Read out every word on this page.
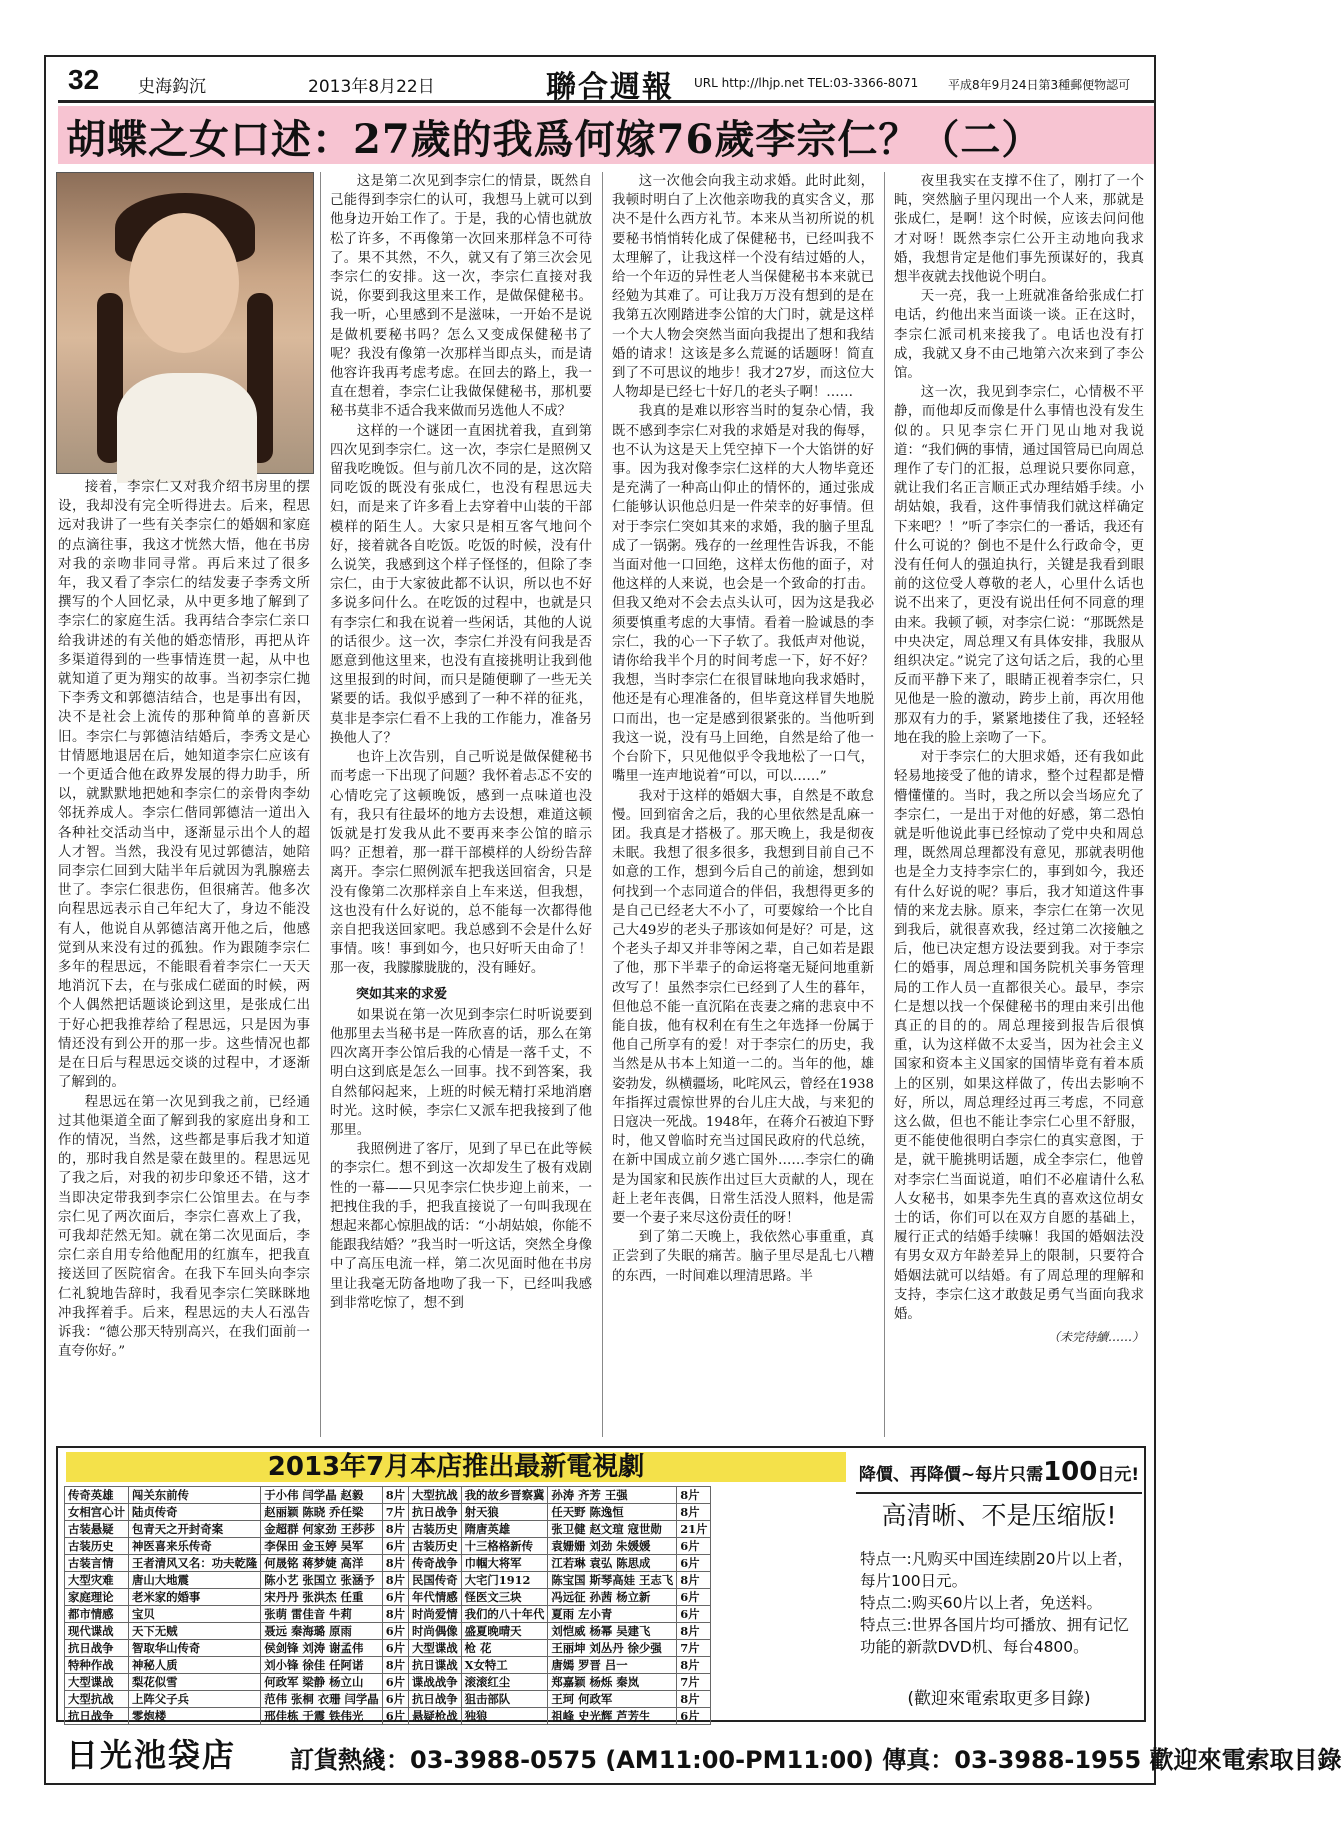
32 史海鈎沉	2013年8月22日	聯合週報 URL http://lhjp.net TEL:03-3366-8071 平成8年9月24日第3種郵便物認可
胡蝶之女口述：27歲的我爲何嫁76歲李宗仁？（二）

接着，李宗仁又对我介绍书房里的摆设，我却没有完全听得进去。后来，程思远对我讲了一些有关李宗仁的婚姻和家庭的点滴往事，我这才恍然大悟，他在书房对我的亲吻非同寻常。再后来过了很多年，我又看了李宗仁的结发妻子李秀文所撰写的个人回忆录，从中更多地了解到了李宗仁的家庭生活。我再结合李宗仁亲口给我讲述的有关他的婚恋情形，再把从许多渠道得到的一些事情连贯一起，从中也就知道了更为翔实的故事。当初李宗仁抛下李秀文和郭德洁结合，也是事出有因，决不是社会上流传的那种简单的喜新厌旧。李宗仁与郭德洁结婚后，李秀文是心甘情愿地退居在后，她知道李宗仁应该有一个更适合他在政界发展的得力助手，所以，就默默地把她和李宗仁的亲骨肉李幼邻抚养成人。李宗仁偕同郭德洁一道出入各种社交活动当中，逐渐显示出个人的超人才智。当然，我没有见过郭德洁，她陪同李宗仁回到大陆半年后就因为乳腺癌去世了。李宗仁很悲伤，但很痛苦。他多次向程思远表示自己年纪大了，身边不能没有人，他说自从郭德洁离开他之后，他感觉到从来没有过的孤独。作为跟随李宗仁多年的程思远，不能眼看着李宗仁一天天地消沉下去，在与张成仁磋面的时候，两个人偶然把话题谈论到这里，是张成仁出于好心把我推荐给了程思远，只是因为事情还没有到公开的那一步。这些情况也都是在日后与程思远交谈的过程中，才逐渐了解到的。

程思远在第一次见到我之前，已经通过其他渠道全面了解到我的家庭出身和工作的情况，当然，这些都是事后我才知道的，那时我自然是蒙在鼓里的。程思远见了我之后，对我的初步印象还不错，这才当即决定带我到李宗仁公馆里去。在与李宗仁见了两次面后，李宗仁喜欢上了我，可我却茫然无知。就在第二次见面后，李宗仁亲自用专给他配用的红旗车，把我直接送回了医院宿舍。在我下车回头向李宗仁礼貌地告辞时，我看见李宗仁笑眯眯地冲我挥着手。后来，程思远的夫人石泓告诉我：“德公那天特别高兴，在我们面前一直夸你好。”

这是第二次见到李宗仁的情景，既然自己能得到李宗仁的认可，我想马上就可以到他身边开始工作了。于是，我的心情也就放松了许多，不再像第一次回来那样急不可待了。果不其然，不久，就又有了第三次会见李宗仁的安排。这一次，李宗仁直接对我说，你要到我这里来工作，是做保健秘书。我一听，心里感到不是滋味，一开始不是说是做机要秘书吗？怎么又变成保健秘书了呢？我没有像第一次那样当即点头，而是请他容许我再考虑考虑。在回去的路上，我一直在想着，李宗仁让我做保健秘书，那机要秘书莫非不适合我来做而另选他人不成？

这样的一个谜团一直困扰着我，直到第四次见到李宗仁。这一次，李宗仁是照例又留我吃晚饭。但与前几次不同的是，这次陪同吃饭的既没有张成仁，也没有程思远夫妇，而是来了许多看上去穿着中山装的干部模样的陌生人。大家只是相互客气地问个好，接着就各自吃饭。吃饭的时候，没有什么说笑，我感到这个样子怪怪的，但除了李宗仁，由于大家彼此都不认识，所以也不好多说多问什么。在吃饭的过程中，也就是只有李宗仁和我在说着一些闲话，其他的人说的话很少。这一次，李宗仁并没有问我是否愿意到他这里来，也没有直接挑明让我到他这里报到的时间，而只是随便聊了一些无关紧要的话。我似乎感到了一种不祥的征兆，莫非是李宗仁看不上我的工作能力，准备另换他人了？

也许上次告别，自己听说是做保健秘书而考虑一下出现了问题？我怀着忐忑不安的心情吃完了这顿晚饭，感到一点味道也没有，我只有往最坏的地方去设想，难道这顿饭就是打发我从此不要再来李公馆的暗示吗？正想着，那一群干部模样的人纷纷告辞离开。李宗仁照例派车把我送回宿舍，只是没有像第二次那样亲自上车来送，但我想，这也没有什么好说的，总不能每一次都得他亲自把我送回家吧。我总感到不会是什么好事情。咳！事到如今，也只好听天由命了！那一夜，我朦朦胧胧的，没有睡好。

突如其来的求爱

如果说在第一次见到李宗仁时听说要到他那里去当秘书是一阵欣喜的话，那么在第四次离开李公馆后我的心情是一落千丈，不明白这到底是怎么一回事。找不到答案，我自然郁闷起来，上班的时候无精打采地消磨时光。这时候，李宗仁又派车把我接到了他那里。

我照例进了客厅，见到了早已在此等候的李宗仁。想不到这一次却发生了极有戏剧性的一幕——只见李宗仁快步迎上前来，一把拽住我的手，把我直接说了一句叫我现在想起来都心惊胆战的话：“小胡姑娘，你能不能跟我结婚？”我当时一听这话，突然全身像中了高压电流一样，第二次见面时他在书房里让我毫无防备地吻了我一下，已经叫我感到非常吃惊了，想不到

这一次他会向我主动求婚。此时此刻，我顿时明白了上次他亲吻我的真实含义，那决不是什么西方礼节。本来从当初所说的机要秘书悄悄转化成了保健秘书，已经叫我不太理解了，让我这样一个没有结过婚的人，给一个年迈的异性老人当保健秘书本来就已经勉为其难了。可让我万万没有想到的是在我第五次刚踏进李公馆的大门时，就是这样一个大人物会突然当面向我提出了想和我结婚的请求！这该是多么荒诞的话题呀！简直到了不可思议的地步！我才27岁，而这位大人物却是已经七十好几的老头子啊！……

我真的是难以形容当时的复杂心情，我既不感到李宗仁对我的求婚是对我的侮辱，也不认为这是天上凭空掉下一个大馅饼的好事。因为我对像李宗仁这样的大人物毕竟还是充满了一种高山仰止的情怀的，通过张成仁能够认识他总归是一件荣幸的好事情。但对于李宗仁突如其来的求婚，我的脑子里乱成了一锅粥。残存的一丝理性告诉我，不能当面对他一口回绝，这样太伤他的面子，对他这样的人来说，也会是一个致命的打击。但我又绝对不会去点头认可，因为这是我必须要慎重考虑的大事情。看着一脸诚恳的李宗仁，我的心一下子软了。我低声对他说，请你给我半个月的时间考虑一下，好不好？我想，当时李宗仁在很冒昧地向我求婚时，他还是有心理准备的，但毕竟这样冒失地脱口而出，也一定是感到很紧张的。当他听到我这一说，没有马上回绝，自然是给了他一个台阶下，只见他似乎令我地松了一口气，嘴里一连声地说着“可以，可以……”

我对于这样的婚姻大事，自然是不敢怠慢。回到宿舍之后，我的心里依然是乱麻一团。我真是才搭极了。那天晚上，我是彻夜未眠。我想了很多很多，我想到目前自己不如意的工作，想到今后自己的前途，想到如何找到一个志同道合的伴侣，我想得更多的是自己已经老大不小了，可要嫁给一个比自己大49岁的老头子那该如何是好？可是，这个老头子却又并非等闲之辈，自己如若是跟了他，那下半辈子的命运将毫无疑问地重新改写了！虽然李宗仁已经到了人生的暮年，但他总不能一直沉陷在丧妻之痛的悲哀中不能自拔，他有权利在有生之年选择一份属于他自己所享有的爱！对于李宗仁的历史，我当然是从书本上知道一二的。当年的他，雄姿勃发，纵横疆场，叱咤风云，曾经在1938年指挥过震惊世界的台儿庄大战，与来犯的日寇决一死战。1948年，在蒋介石被迫下野时，他又曾临时充当过国民政府的代总统，在新中国成立前夕逃亡国外……李宗仁的确是为国家和民族作出过巨大贡献的人，现在赶上老年丧偶，日常生活没人照料，他是需要一个妻子来尽这份责任的呀！

到了第二天晚上，我依然心事重重，真正尝到了失眠的痛苦。脑子里尽是乱七八糟的东西，一时间难以理清思路。半

夜里我实在支撑不住了，刚打了一个盹，突然脑子里闪现出一个人来，那就是张成仁，是啊！这个时候，应该去问问他才对呀！既然李宗仁公开主动地向我求婚，我想肯定是他们事先预谋好的，我真想半夜就去找他说个明白。

天一亮，我一上班就准备给张成仁打电话，约他出来当面谈一谈。正在这时，李宗仁派司机来接我了。电话也没有打成，我就又身不由己地第六次来到了李公馆。

这一次，我见到李宗仁，心情极不平静，而他却反而像是什么事情也没有发生似的。只见李宗仁开门见山地对我说道：“我们俩的事情，通过国管局已向周总理作了专门的汇报，总理说只要你同意，就让我们名正言顺正式办理结婚手续。小胡姑娘，我看，这件事情我们就这样确定下来吧？！”听了李宗仁的一番话，我还有什么可说的？倒也不是什么行政命令，更没有任何人的强迫执行，关键是我看到眼前的这位受人尊敬的老人，心里什么话也说不出来了，更没有说出任何不同意的理由来。我顿了顿，对李宗仁说：“那既然是中央决定，周总理又有具体安排，我服从组织决定。”说完了这句话之后，我的心里反而平静下来了，眼睛正视着李宗仁，只见他是一脸的激动，跨步上前，再次用他那双有力的手，紧紧地搂住了我，还轻轻地在我的脸上亲吻了一下。

对于李宗仁的大胆求婚，还有我如此轻易地接受了他的请求，整个过程都是懵懵懂懂的。当时，我之所以会当场应允了李宗仁，一是出于对他的好感，第二恐怕就是听他说此事已经惊动了党中央和周总理，既然周总理都没有意见，那就表明他也是全力支持李宗仁的，事到如今，我还有什么好说的呢？事后，我才知道这件事情的来龙去脉。原来，李宗仁在第一次见到我后，就很喜欢我，经过第二次接触之后，他已决定想方设法要到我。对于李宗仁的婚事，周总理和国务院机关事务管理局的工作人员一直都很关心。最早，李宗仁是想以找一个保健秘书的理由来引出他真正的目的的。周总理接到报告后很慎重，认为这样做不太妥当，因为社会主义国家和资本主义国家的国情毕竟有着本质上的区别，如果这样做了，传出去影响不好，所以，周总理经过再三考虑，不同意这么做，但也不能让李宗仁心里不舒服，更不能使他很明白李宗仁的真实意图，于是，就干脆挑明话题，成全李宗仁，他曾对李宗仁当面说道，咱们不必雇请什么私人女秘书，如果李先生真的喜欢这位胡女士的话，你们可以在双方自愿的基础上，履行正式的结婚手续嘛！我国的婚姻法没有男女双方年龄差异上的限制，只要符合婚姻法就可以结婚。有了周总理的理解和支持，李宗仁这才敢鼓足勇气当面向我求婚。

（未完待續……）
2013年7月本店推出最新電視劇
传奇英雄	闯关东前传	于小伟 闫学晶 赵毅	8片	大型抗战	我的故乡晋察冀	孙涛 齐芳 王强	8片
女相宫心计	陆贞传奇	赵丽颖 陈晓 乔任梁	7片	抗日战争	射天狼	任天野 陈逸恒	8片
古装悬疑	包青天之开封奇案	金超群 何家劲 王莎莎	8片	古装历史	隋唐英雄	张卫健 赵文瑄 寇世勋	21片
古装历史	神医喜来乐传奇	李保田 金玉婷 吴军	6片	古装历史	十三格格新传	袁姗姗 刘劲 朱媛媛	6片
古装言情	王者清风又名：功夫乾隆	何晟铭 蒋梦婕 高洋	8片	传奇战争	巾帼大将军	江若琳 袁弘 陈思成	6片
大型灾难	唐山大地震	陈小艺 张国立 张涵予	8片	民国传奇	大宅门1912	陈宝国 斯琴高娃 王志飞	8片
家庭理论	老米家的婚事	宋丹丹 张洪杰 任重	6片	年代情感	怪医文三块	冯远征 孙茜 杨立新	6片
都市情感	宝贝	张萌 雷佳音 牛莉	8片	时尚爱情	我们的八十年代	夏雨 左小青	6片
现代谍战	天下无贼	聂远 秦海璐 原雨	6片	时尚偶像	盛夏晚晴天	刘恺威 杨幂 吴建飞	8片
抗日战争	智取华山传奇	侯剑锋 刘涛 谢孟伟	6片	大型谍战	枪 花	王丽坤 刘丛丹 徐少强	7片
特种作战	神秘人质	刘小锋 徐佳 任阿诺	8片	抗日谍战	X女特工	唐嫣 罗晋 吕一	8片
大型谍战	梨花似雪	何政军 梁静 杨立山	6片	谍战战争	滚滚红尘	郑嘉颖 杨烁 秦岚	7片
大型抗战	上阵父子兵	范伟 张桐 衣珊 闫学晶	6片	抗日战争	狙击部队	王珂 何政军	8片
抗日战争	零炮楼	邢佳栋 于震 铁伟光	6片	悬疑枪战	独狼	祖峰 史光辉 芦芳生	6片
降價、再降價~每片只需100日元!
高清晰、不是压缩版!
特点一:凡购买中国连续剧20片以上者，每片100日元。
特点二:购买60片以上者，免送料。
特点三:世界各国片均可播放、拥有记忆功能的新款DVD机、每台4800。
(歡迎來電索取更多目錄)
日光池袋店 訂貨熱綫：03-3988-0575 (AM11:00-PM11:00) 傳真：03-3988-1955 歡迎來電索取目錄
